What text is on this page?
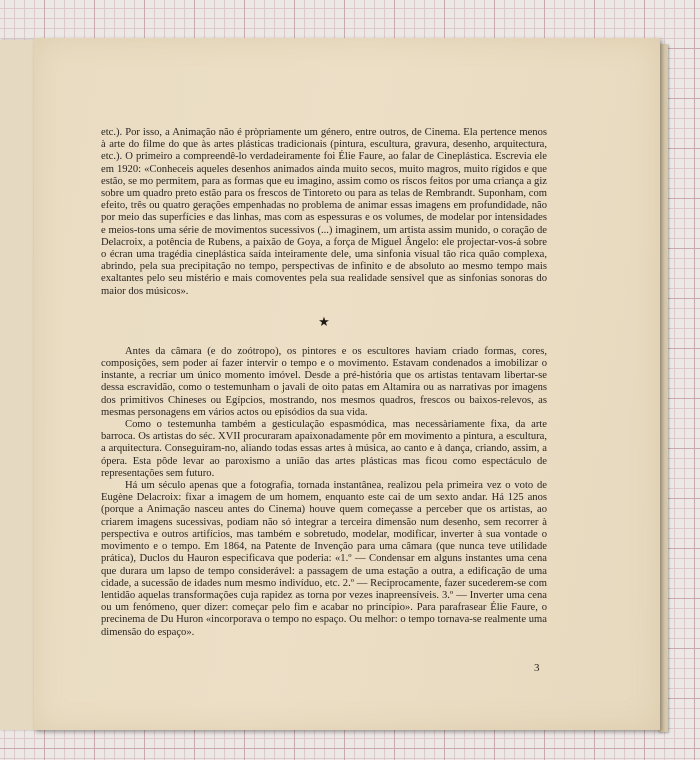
etc.). Por isso, a Animação não é pròpriamente um género, entre outros, de Cinema. Ela pertence menos à arte do filme do que às artes plásticas tradicionais (pintura, escultura, gravura, desenho, arquitectura, etc.). O primeiro a compreendê-lo verdadeiramente foi Élie Faure, ao falar de Cineplástica. Escrevia ele em 1920: «Conheceis aqueles desenhos animados ainda muito secos, muito magros, muito rígidos e que estão, se mo permitem, para as formas que eu imagino, assim como os riscos feitos por uma criança a giz sobre um quadro preto estão para os frescos de Tintoreto ou para as telas de Rembrandt. Suponham, com efeito, três ou quatro gerações empenhadas no problema de animar essas imagens em profundidade, não por meio das superfícies e das linhas, mas com as espessuras e os volumes, de modelar por intensidades e meios-tons uma série de movimentos sucessivos (...) imaginem, um artista assim munido, o coração de Delacroix, a potência de Rubens, a paixão de Goya, a força de Miguel Ângelo: ele projectar-vos-á sobre o écran uma tragédia cineplástica saída inteiramente dele, uma sinfonia visual tão rica quão complexa, abrindo, pela sua precipitação no tempo, perspectivas de infinito e de absoluto ao mesmo tempo mais exaltantes pelo seu mistério e mais comoventes pela sua realidade sensível que as sinfonias sonoras do maior dos músicos».

★

Antes da câmara (e do zoótropo), os pintores e os escultores haviam criado formas, cores, composições, sem poder aí fazer intervir o tempo e o movimento. Estavam condenados a imobilizar o instante, a recriar um único momento imóvel. Desde a pré-história que os artistas tentavam libertar-se dessa escravidão, como o testemunham o javali de oito patas em Altamira ou as narrativas por imagens dos primitivos Chineses ou Egípcios, mostrando, nos mesmos quadros, frescos ou baixos-relevos, as mesmas personagens em vários actos ou episódios da sua vida.

Como o testemunha também a gesticulação espasmódica, mas necessàriamente fixa, da arte barroca. Os artistas do séc. XVII procuraram apaixonadamente pôr em movimento a pintura, a escultura, a arquitectura. Conseguiram-no, aliando todas essas artes à música, ao canto e à dança, criando, assim, a ópera. Esta pôde levar ao paroxismo a união das artes plásticas mas ficou como espectáculo de representações sem futuro.

Há um século apenas que a fotografia, tornada instantânea, realizou pela primeira vez o voto de Eugène Delacroix: fixar a imagem de um homem, enquanto este cai de um sexto andar. Há 125 anos (porque a Animação nasceu antes do Cinema) houve quem começasse a perceber que os artistas, ao criarem imagens sucessivas, podiam não só integrar a terceira dimensão num desenho, sem recorrer à perspectiva e outros artifícios, mas também e sobretudo, modelar, modificar, inverter à sua vontade o movimento e o tempo. Em 1864, na Patente de Invenção para uma câmara (que nunca teve utilidade prática), Duclos du Hauron especificava que poderia: «1.º — Condensar em alguns instantes uma cena que durara um lapso de tempo considerável: a passagem de uma estação a outra, a edificação de uma cidade, a sucessão de idades num mesmo indivíduo, etc. 2.º — Reciprocamente, fazer sucederem-se com lentidão aquelas transformações cuja rapidez as torna por vezes inapreensíveis. 3.º — Inverter uma cena ou um fenómeno, quer dizer: começar pelo fim e acabar no princípio». Para parafrasear Élie Faure, o precinema de Du Huron «incorporava o tempo no espaço. Ou melhor: o tempo tornava-se realmente uma dimensão do espaço».

3
